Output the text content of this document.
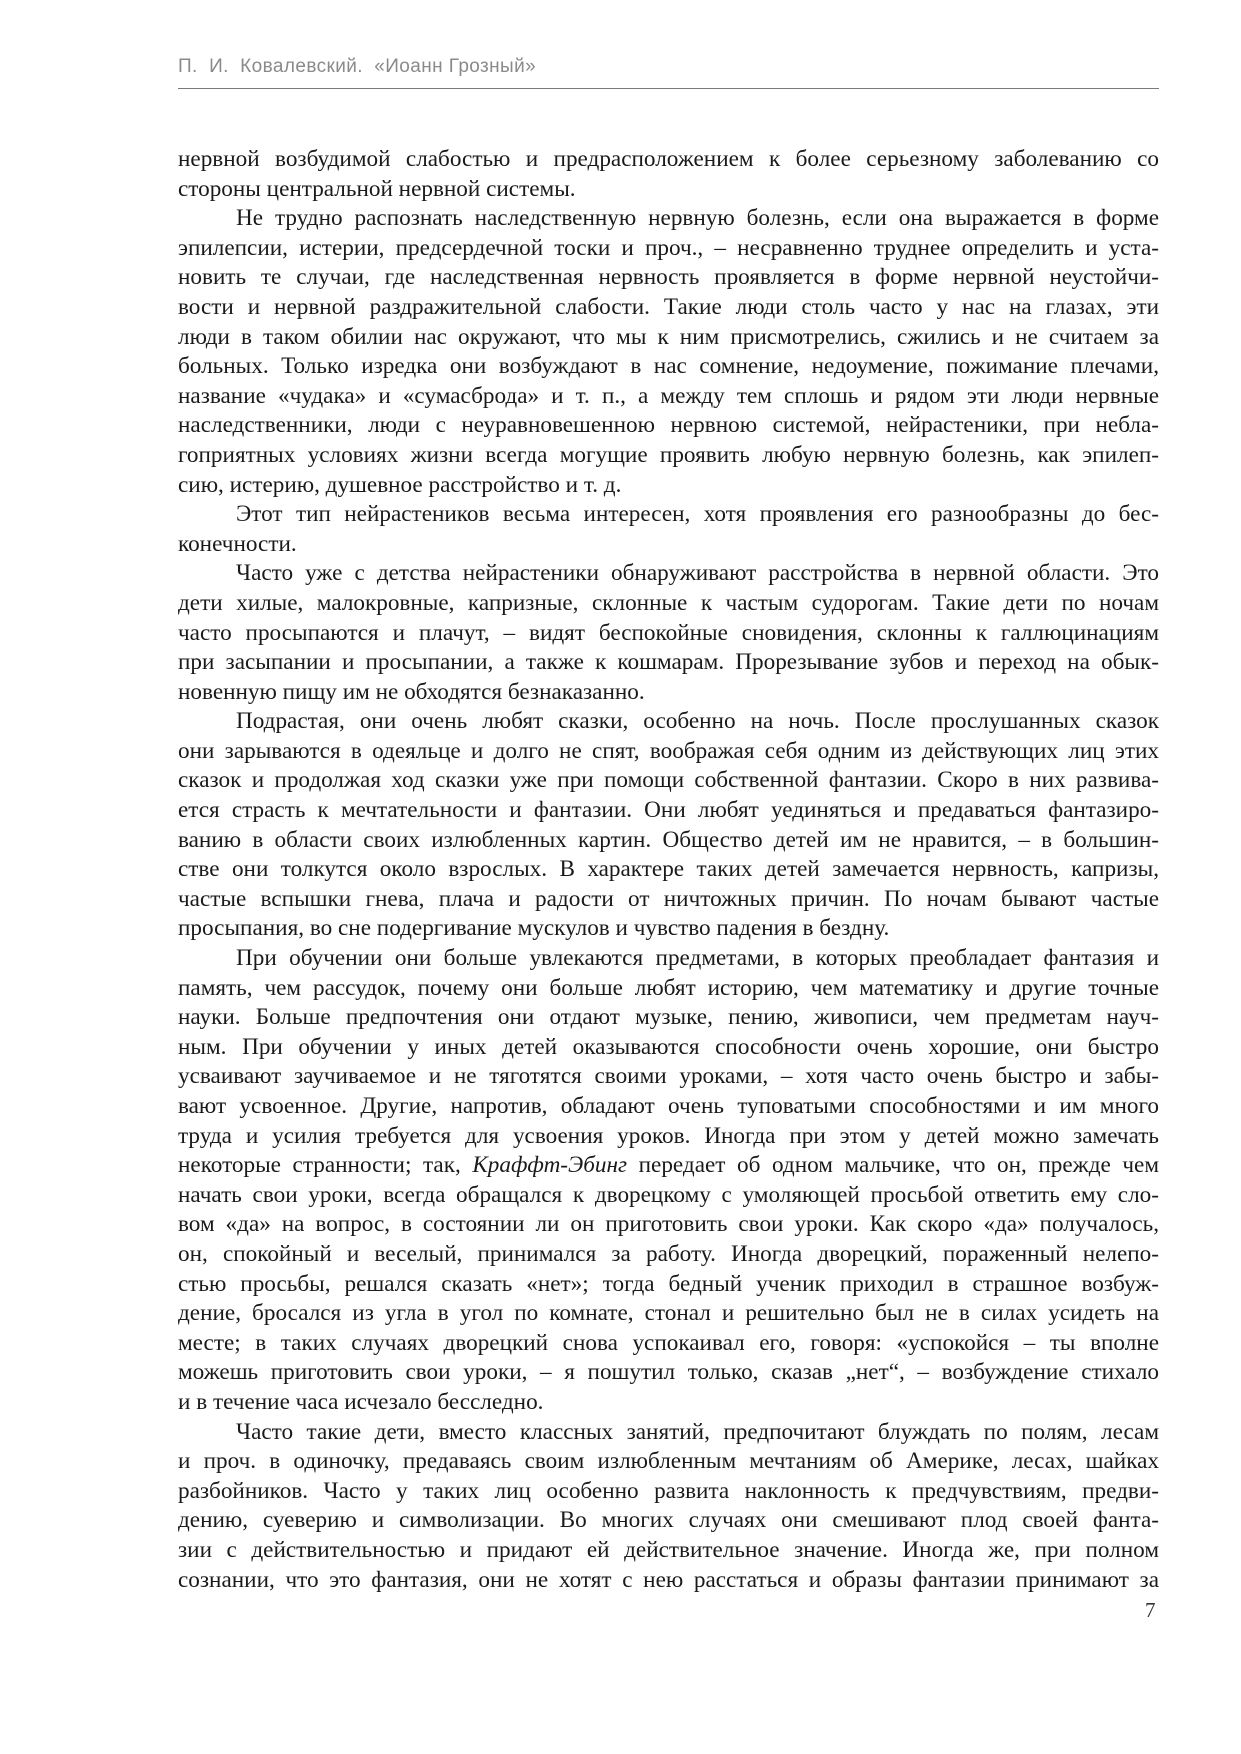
П.  И.  Ковалевский.  «Иоанн Грозный»
нервной возбудимой слабостью и предрасположением к более серьезному заболеванию со
стороны центральной нервной системы.
Не трудно распознать наследственную нервную болезнь, если она выражается в форме
эпилепсии, истерии, предсердечной тоски и проч., – несравненно труднее определить и уста-
новить те случаи, где наследственная нервность проявляется в форме нервной неустойчи-
вости и нервной раздражительной слабости. Такие люди столь часто у нас на глазах, эти
люди в таком обилии нас окружают, что мы к ним присмотрелись, сжились и не считаем за
больных. Только изредка они возбуждают в нас сомнение, недоумение, пожимание плечами,
название «чудака» и «сумасброда» и т. п., а между тем сплошь и рядом эти люди нервные
наследственники, люди с неуравновешенною нервною системой, нейрастеники, при небла-
гоприятных условиях жизни всегда могущие проявить любую нервную болезнь, как эпилеп-
сию, истерию, душевное расстройство и т. д.
Этот тип нейрастеников весьма интересен, хотя проявления его разнообразны до бес-
конечности.
Часто уже с детства нейрастеники обнаруживают расстройства в нервной области. Это
дети хилые, малокровные, капризные, склонные к частым судорогам. Такие дети по ночам
часто просыпаются и плачут, – видят беспокойные сновидения, склонны к галлюцинациям
при засыпании и просыпании, а также к кошмарам. Прорезывание зубов и переход на обык-
новенную пищу им не обходятся безнаказанно.
Подрастая, они очень любят сказки, особенно на ночь. После прослушанных сказок
они зарываются в одеяльце и долго не спят, воображая себя одним из действующих лиц этих
сказок и продолжая ход сказки уже при помощи собственной фантазии. Скоро в них развива-
ется страсть к мечтательности и фантазии. Они любят уединяться и предаваться фантазиро-
ванию в области своих излюбленных картин. Общество детей им не нравится, – в большин-
стве они толкутся около взрослых. В характере таких детей замечается нервность, капризы,
частые вспышки гнева, плача и радости от ничтожных причин. По ночам бывают частые
просыпания, во сне подергивание мускулов и чувство падения в бездну.
При обучении они больше увлекаются предметами, в которых преобладает фантазия и
память, чем рассудок, почему они больше любят историю, чем математику и другие точные
науки. Больше предпочтения они отдают музыке, пению, живописи, чем предметам науч-
ным. При обучении у иных детей оказываются способности очень хорошие, они быстро
усваивают заучиваемое и не тяготятся своими уроками, – хотя часто очень быстро и забы-
вают усвоенное. Другие, напротив, обладают очень туповатыми способностями и им много
труда и усилия требуется для усвоения уроков. Иногда при этом у детей можно замечать
некоторые странности; так, Краффт-Эбинг передает об одном мальчике, что он, прежде чем
начать свои уроки, всегда обращался к дворецкому с умоляющей просьбой ответить ему сло-
вом «да» на вопрос, в состоянии ли он приготовить свои уроки. Как скоро «да» получалось,
он, спокойный и веселый, принимался за работу. Иногда дворецкий, пораженный нелепо-
стью просьбы, решался сказать «нет»; тогда бедный ученик приходил в страшное возбуж-
дение, бросался из угла в угол по комнате, стонал и решительно был не в силах усидеть на
месте; в таких случаях дворецкий снова успокаивал его, говоря: «успокойся – ты вполне
можешь приготовить свои уроки, – я пошутил только, сказав „нет“, – возбуждение стихало
и в течение часа исчезало бесследно.
Часто такие дети, вместо классных занятий, предпочитают блуждать по полям, лесам
и проч. в одиночку, предаваясь своим излюбленным мечтаниям об Америке, лесах, шайках
разбойников. Часто у таких лиц особенно развита наклонность к предчувствиям, предви-
дению, суеверию и символизации. Во многих случаях они смешивают плод своей фанта-
зии с действительностью и придают ей действительное значение. Иногда же, при полном
сознании, что это фантазия, они не хотят с нею расстаться и образы фантазии принимают за
7
